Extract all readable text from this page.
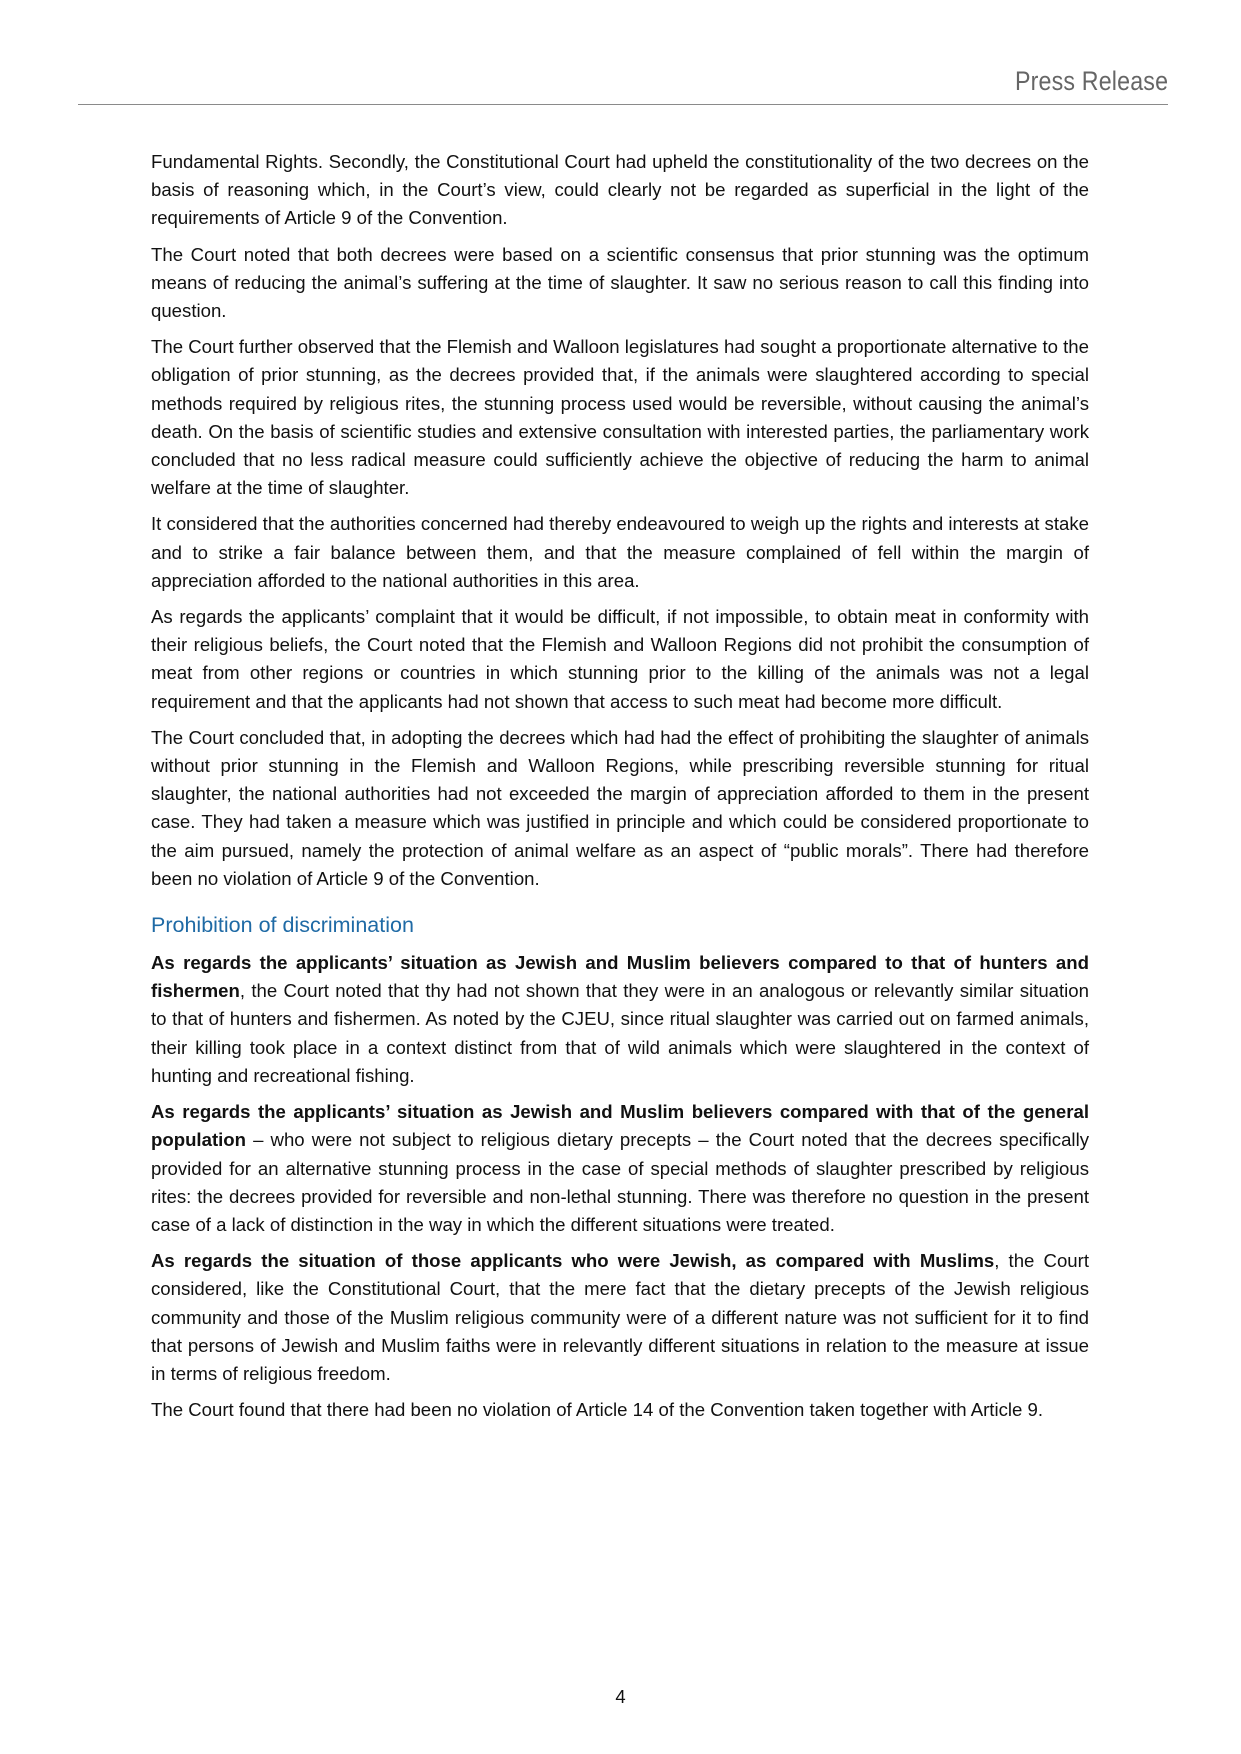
Press Release

Fundamental Rights. Secondly, the Constitutional Court had upheld the constitutionality of the two decrees on the basis of reasoning which, in the Court’s view, could clearly not be regarded as superficial in the light of the requirements of Article 9 of the Convention.

The Court noted that both decrees were based on a scientific consensus that prior stunning was the optimum means of reducing the animal’s suffering at the time of slaughter. It saw no serious reason to call this finding into question.

The Court further observed that the Flemish and Walloon legislatures had sought a proportionate alternative to the obligation of prior stunning, as the decrees provided that, if the animals were slaughtered according to special methods required by religious rites, the stunning process used would be reversible, without causing the animal’s death. On the basis of scientific studies and extensive consultation with interested parties, the parliamentary work concluded that no less radical measure could sufficiently achieve the objective of reducing the harm to animal welfare at the time of slaughter.

It considered that the authorities concerned had thereby endeavoured to weigh up the rights and interests at stake and to strike a fair balance between them, and that the measure complained of fell within the margin of appreciation afforded to the national authorities in this area.

As regards the applicants’ complaint that it would be difficult, if not impossible, to obtain meat in conformity with their religious beliefs, the Court noted that the Flemish and Walloon Regions did not prohibit the consumption of meat from other regions or countries in which stunning prior to the killing of the animals was not a legal requirement and that the applicants had not shown that access to such meat had become more difficult.

The Court concluded that, in adopting the decrees which had had the effect of prohibiting the slaughter of animals without prior stunning in the Flemish and Walloon Regions, while prescribing reversible stunning for ritual slaughter, the national authorities had not exceeded the margin of appreciation afforded to them in the present case. They had taken a measure which was justified in principle and which could be considered proportionate to the aim pursued, namely the protection of animal welfare as an aspect of “public morals”. There had therefore been no violation of Article 9 of the Convention.

Prohibition of discrimination

As regards the applicants’ situation as Jewish and Muslim believers compared to that of hunters and fishermen, the Court noted that thy had not shown that they were in an analogous or relevantly similar situation to that of hunters and fishermen. As noted by the CJEU, since ritual slaughter was carried out on farmed animals, their killing took place in a context distinct from that of wild animals which were slaughtered in the context of hunting and recreational fishing.

As regards the applicants’ situation as Jewish and Muslim believers compared with that of the general population – who were not subject to religious dietary precepts – the Court noted that the decrees specifically provided for an alternative stunning process in the case of special methods of slaughter prescribed by religious rites: the decrees provided for reversible and non-lethal stunning. There was therefore no question in the present case of a lack of distinction in the way in which the different situations were treated.

As regards the situation of those applicants who were Jewish, as compared with Muslims, the Court considered, like the Constitutional Court, that the mere fact that the dietary precepts of the Jewish religious community and those of the Muslim religious community were of a different nature was not sufficient for it to find that persons of Jewish and Muslim faiths were in relevantly different situations in relation to the measure at issue in terms of religious freedom.

The Court found that there had been no violation of Article 14 of the Convention taken together with Article 9.

4
